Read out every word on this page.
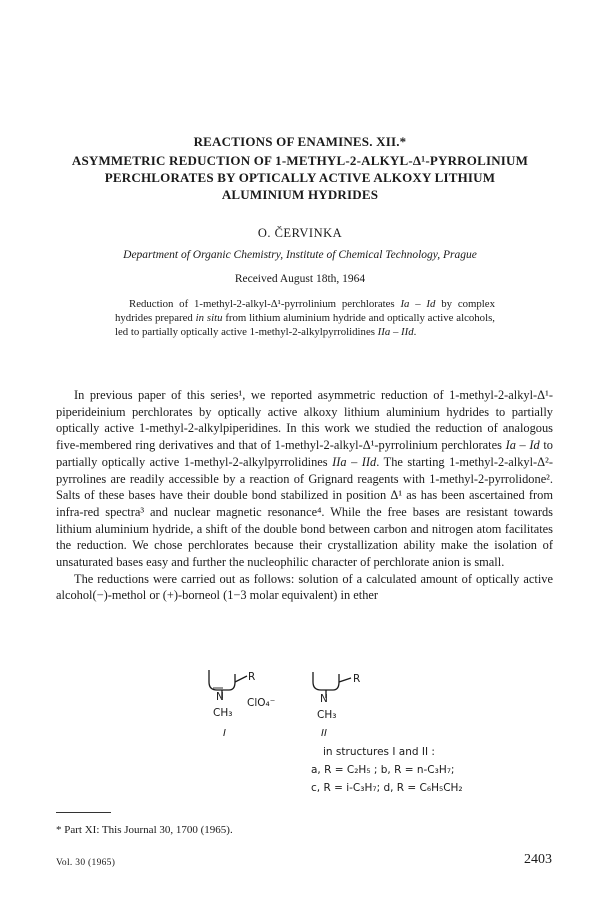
REACTIONS OF ENAMINES. XII.*
ASYMMETRIC REDUCTION OF 1-METHYL-2-ALKYL-Δ¹-PYRROLINIUM
PERCHLORATES BY OPTICALLY ACTIVE ALKOXY LITHIUM
ALUMINIUM HYDRIDES
O. ČERVINKA
Department of Organic Chemistry, Institute of Chemical Technology, Prague
Received August 18th, 1964
Reduction of 1-methyl-2-alkyl-Δ¹-pyrrolinium perchlorates Ia – Id by complex hydrides prepared in situ from lithium aluminium hydride and optically active alcohols, led to partially optically active 1-methyl-2-alkylpyrrolidines IIa – IId.

In previous paper of this series¹, we reported asymmetric reduction of 1-methyl-2-alkyl-Δ¹-piperideinium perchlorates by optically active alkoxy lithium aluminium hydrides to partially optically active 1-methyl-2-alkylpiperidines. In this work we studied the reduction of analogous five-membered ring derivatives and that of 1-methyl-2-alkyl-Δ¹-pyrrolinium perchlorates Ia – Id to partially optically active 1-methyl-2-alkylpyrrolidines IIa – IId. The starting 1-methyl-2-alkyl-Δ²-pyrrolines are readily accessible by a reaction of Grignard reagents with 1-methyl-2-pyrrolidone². Salts of these bases have their double bond stabilized in position Δ¹ as has been ascertained from infra-red spectra³ and nuclear magnetic resonance⁴. While the free bases are resistant towards lithium aluminium hydride, a shift of the double bond between carbon and nitrogen atom facilitates the reduction. We chose perchlorates because their crystallization ability make the isolation of unsaturated bases easy and further the nucleophilic character of perchlorate anion is small.

The reductions were carried out as follows: solution of a calculated amount of optically active alcohol(−)-methol or (+)-borneol (1−3 molar equivalent) in ether

R
N
CH₃
ClO₄⁻
I
R
N
CH₃
II
in structures I and II :
a, R = C₂H₅ ; b, R = n-C₃H₇;
c, R = i-C₃H₇; d, R = C₆H₅CH₂
* Part XI: This Journal 30, 1700 (1965).
Vol. 30 (1965)	2403
